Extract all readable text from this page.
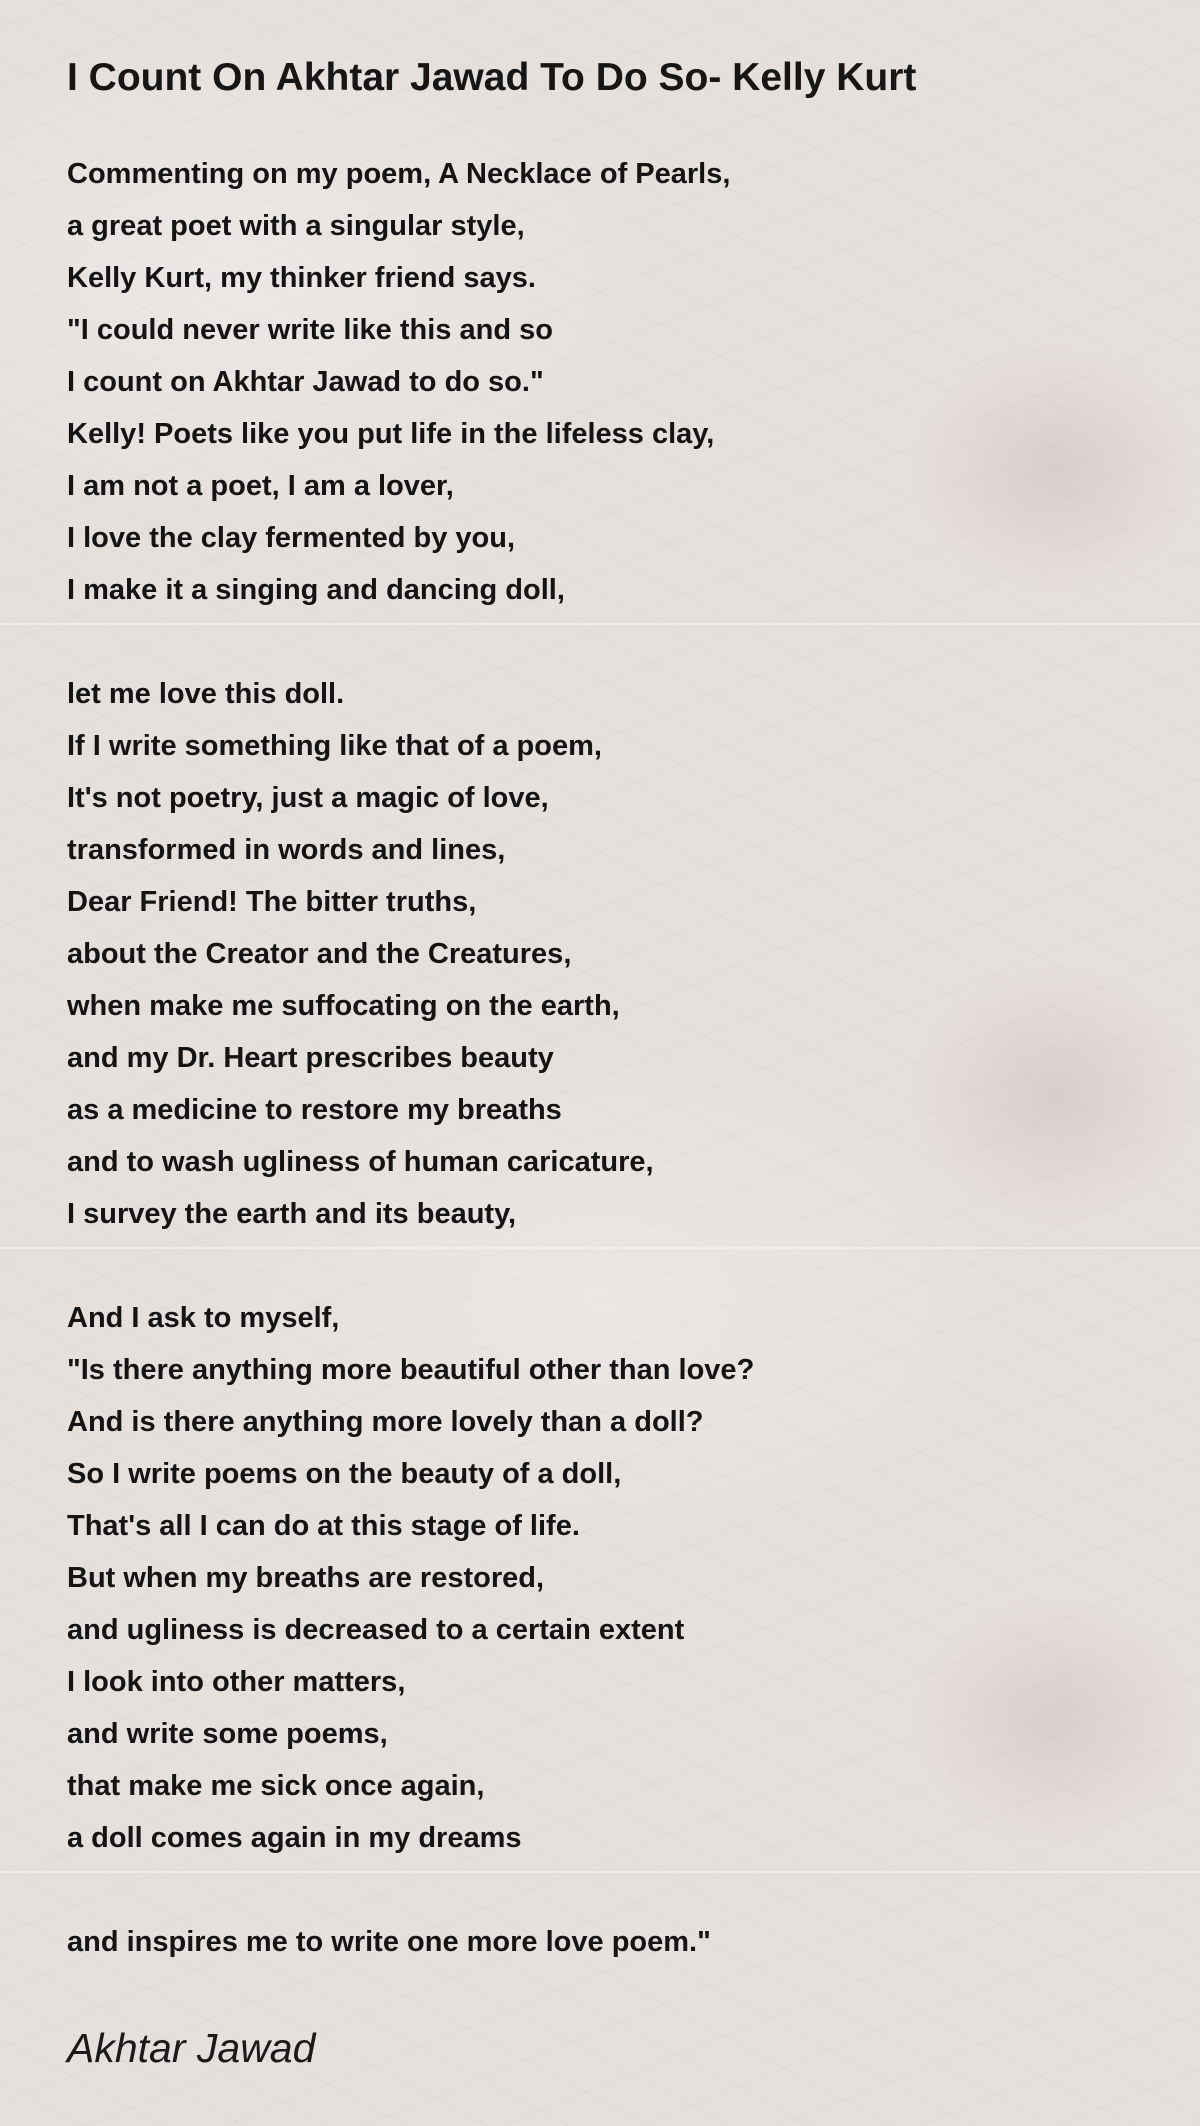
I Count On Akhtar Jawad To Do So- Kelly Kurt
Commenting on my poem, A Necklace of Pearls,
a great poet with a singular style,
Kelly Kurt, my thinker friend says.
"I could never write like this and so
I count on Akhtar Jawad to do so."
Kelly! Poets like you put life in the lifeless clay,
I am not a poet, I am a lover,
I love the clay fermented by you,
I make it a singing and dancing doll,
let me love this doll.
If I write something like that of a poem,
It's not poetry, just a magic of love,
transformed in words and lines,
Dear Friend! The bitter truths,
about the Creator and the Creatures,
when make me suffocating on the earth,
and my Dr. Heart prescribes beauty
as a medicine to restore my breaths
and to wash ugliness of human caricature,
I survey the earth and its beauty,
And I ask to myself,
"Is there anything more beautiful other than love?
And is there anything more lovely than a doll?
So I write poems on the beauty of a doll,
That's all I can do at this stage of life.
But when my breaths are restored,
and ugliness is decreased to a certain extent
I look into other matters,
and write some poems,
that make me sick once again,
a doll comes again in my dreams
and inspires me to write one more love poem."
Akhtar Jawad
